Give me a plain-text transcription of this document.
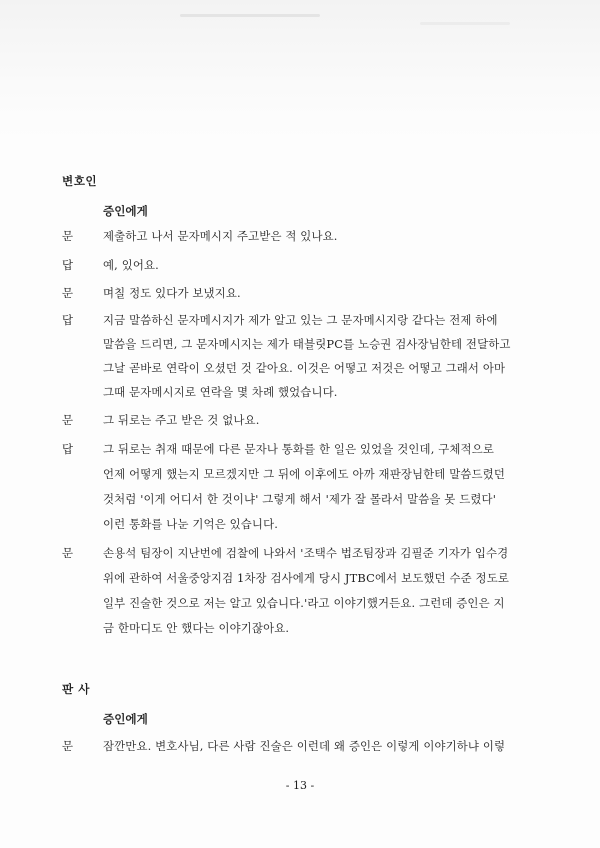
변호인
증인에게
문	제출하고 나서 문자메시지 주고받은 적 있나요.
답	예, 있어요.
문	며칠 정도 있다가 보냈지요.
답	지금 말씀하신 문자메시지가 제가 알고 있는 그 문자메시지랑 같다는 전제 하에
말씀을 드리면, 그 문자메시지는 제가 태블릿PC를 노승권 검사장님한테 전달하고
그날 곧바로 연락이 오셨던 것 같아요. 이것은 어떻고 저것은 어떻고 그래서 아마
그때 문자메시지로 연락을 몇 차례 했었습니다.
문	그 뒤로는 주고 받은 것 없나요.
답	그 뒤로는 취재 때문에 다른 문자나 통화를 한 일은 있었을 것인데, 구체적으로
언제 어떻게 했는지 모르겠지만 그 뒤에 이후에도 아까 재판장님한테 말씀드렸던
것처럼 '이게 어디서 한 것이냐' 그렇게 해서 '제가 잘 몰라서 말씀을 못 드렸다'
이런 통화를 나눈 기억은 있습니다.
문	손용석 팀장이 지난번에 검찰에 나와서 '조택수 법조팀장과 김필준 기자가 입수경
위에 관하여 서울중앙지검 1차장 검사에게 당시 JTBC에서 보도했던 수준 정도로
일부 진술한 것으로 저는 알고 있습니다.'라고 이야기했거든요. 그런데 증인은 지
금 한마디도 안 했다는 이야기잖아요.
판 사
증인에게
문	잠깐만요. 변호사님, 다른 사람 진술은 이런데 왜 증인은 이렇게 이야기하냐 이렇
- 13 -
